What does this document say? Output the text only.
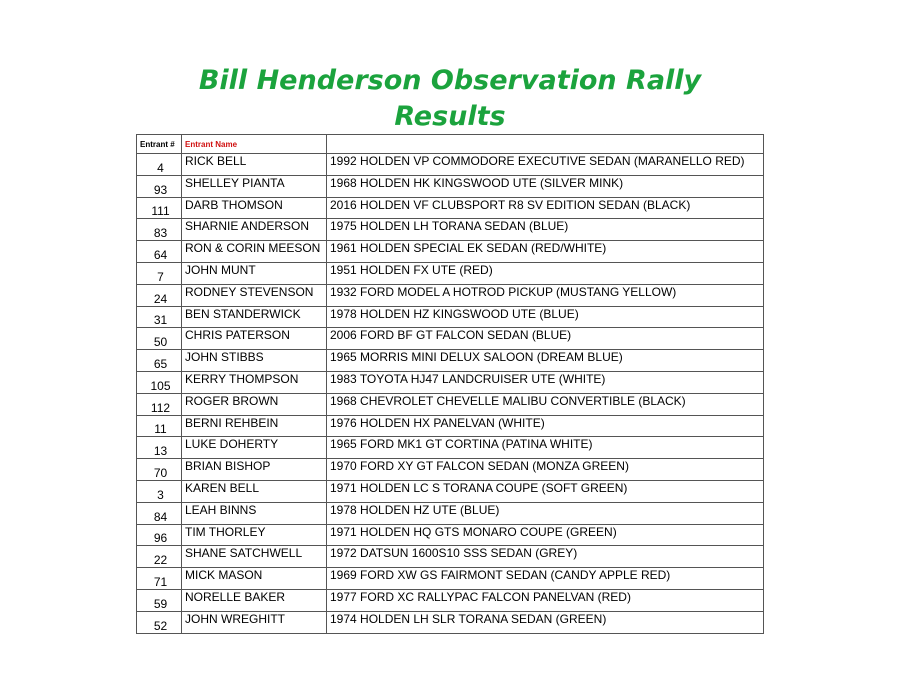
Bill Henderson Observation Rally
Results
Entrant #	Entrant Name	
4	RICK BELL	1992 HOLDEN VP COMMODORE EXECUTIVE SEDAN (MARANELLO RED)
93	SHELLEY PIANTA	1968 HOLDEN HK KINGSWOOD UTE (SILVER MINK)
111	DARB THOMSON	2016 HOLDEN VF CLUBSPORT R8 SV EDITION SEDAN (BLACK)
83	SHARNIE ANDERSON	1975 HOLDEN LH TORANA SEDAN (BLUE)
64	RON & CORIN MEESON	1961 HOLDEN SPECIAL EK SEDAN (RED/WHITE)
7	JOHN MUNT	1951 HOLDEN FX UTE (RED)
24	RODNEY STEVENSON	1932 FORD MODEL A HOTROD PICKUP (MUSTANG YELLOW)
31	BEN STANDERWICK	1978 HOLDEN HZ KINGSWOOD UTE (BLUE)
50	CHRIS PATERSON	2006 FORD BF GT FALCON SEDAN (BLUE)
65	JOHN STIBBS	1965 MORRIS MINI DELUX SALOON (DREAM BLUE)
105	KERRY THOMPSON	1983 TOYOTA HJ47 LANDCRUISER UTE (WHITE)
112	ROGER BROWN	1968 CHEVROLET CHEVELLE MALIBU CONVERTIBLE (BLACK)
11	BERNI REHBEIN	1976 HOLDEN HX PANELVAN (WHITE)
13	LUKE DOHERTY	1965 FORD MK1 GT CORTINA (PATINA WHITE)
70	BRIAN BISHOP	1970 FORD XY GT FALCON SEDAN (MONZA GREEN)
3	KAREN BELL	1971 HOLDEN LC S TORANA COUPE (SOFT GREEN)
84	LEAH BINNS	1978 HOLDEN HZ UTE (BLUE)
96	TIM THORLEY	1971 HOLDEN HQ GTS MONARO COUPE (GREEN)
22	SHANE SATCHWELL	1972 DATSUN 1600S10 SSS SEDAN (GREY)
71	MICK MASON	1969 FORD XW GS FAIRMONT SEDAN (CANDY APPLE RED)
59	NORELLE BAKER	1977 FORD XC RALLYPAC FALCON PANELVAN (RED)
52	JOHN WREGHITT	1974 HOLDEN LH SLR TORANA SEDAN (GREEN)
